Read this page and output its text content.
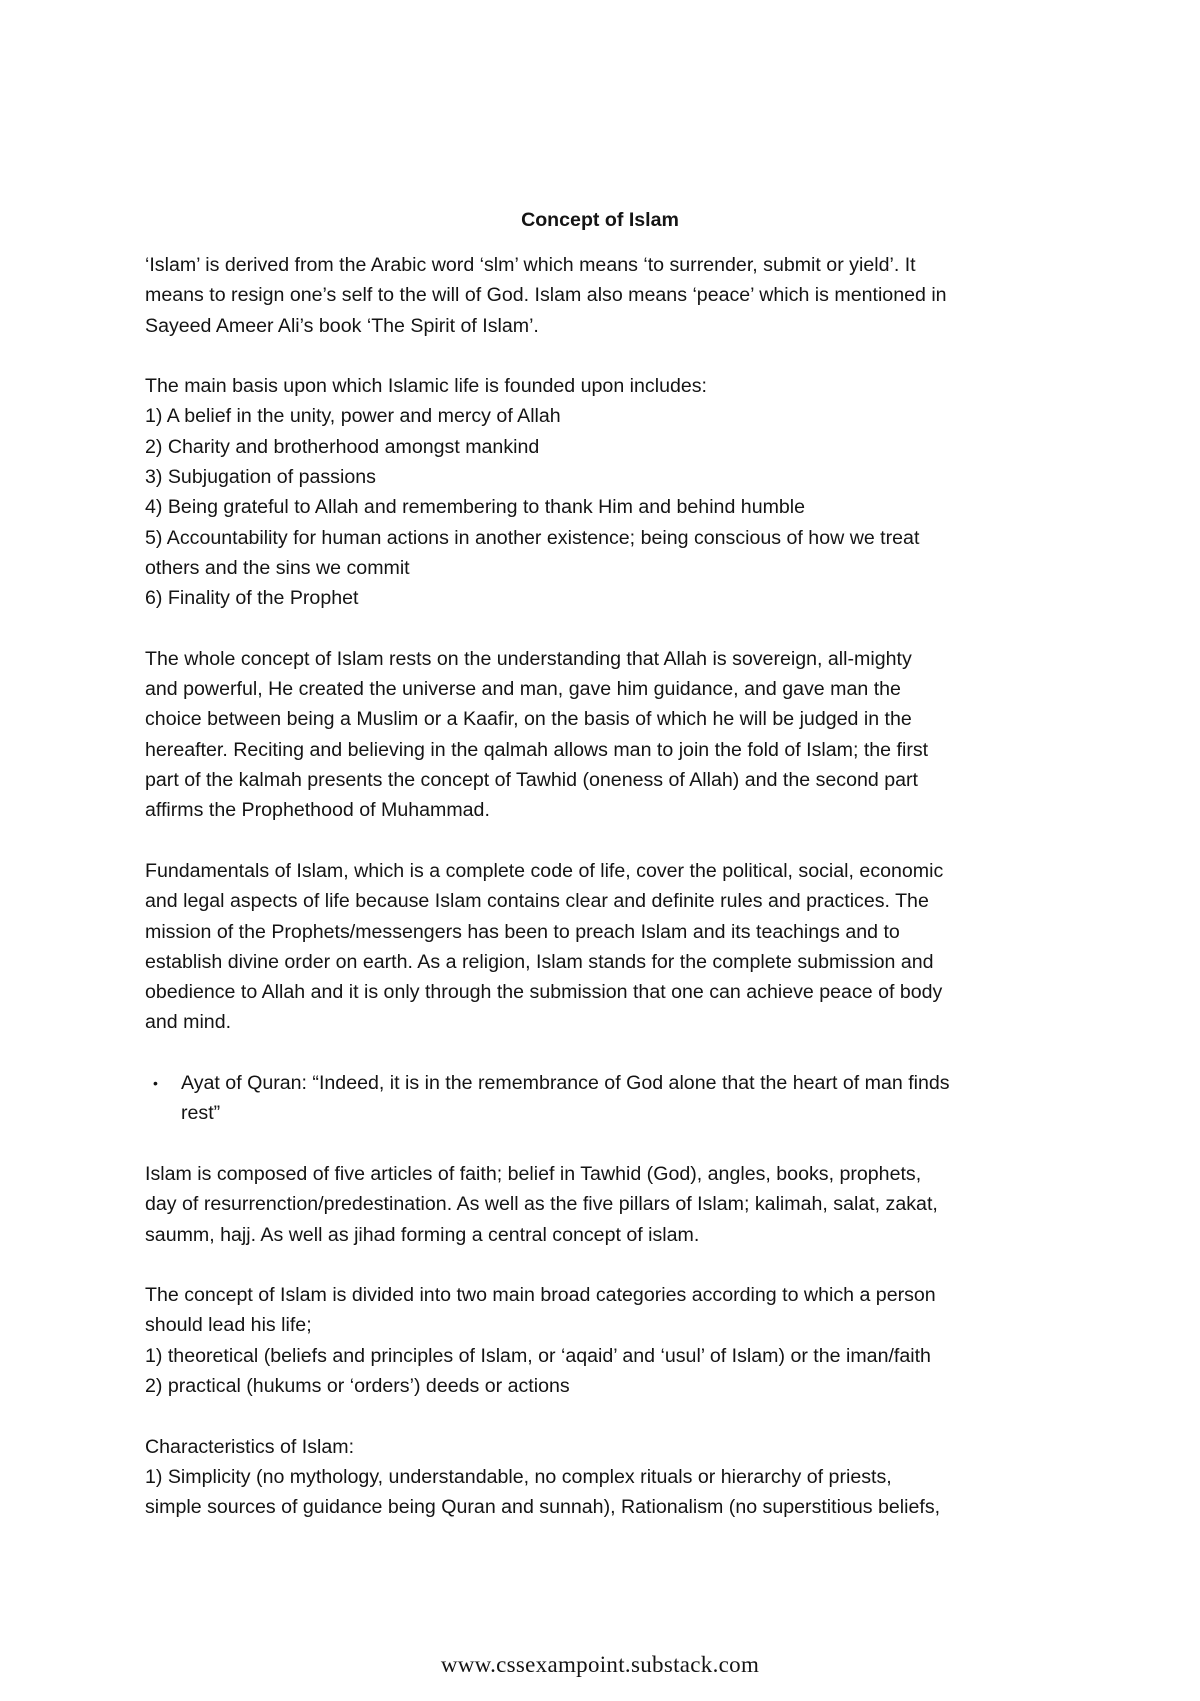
Concept of Islam
‘Islam’ is derived from the Arabic word ‘slm’ which means ‘to surrender, submit or yield’. It
means to resign one’s self to the will of God. Islam also means ‘peace’ which is mentioned in
Sayeed Ameer Ali’s book ‘The Spirit of Islam’.
The main basis upon which Islamic life is founded upon includes:
1) A belief in the unity, power and mercy of Allah
2) Charity and brotherhood amongst mankind
3) Subjugation of passions
4) Being grateful to Allah and remembering to thank Him and behind humble
5) Accountability for human actions in another existence; being conscious of how we treat
others and the sins we commit
6) Finality of the Prophet
The whole concept of Islam rests on the understanding that Allah is sovereign, all-mighty
and powerful, He created the universe and man, gave him guidance, and gave man the
choice between being a Muslim or a Kaafir, on the basis of which he will be judged in the
hereafter. Reciting and believing in the qalmah allows man to join the fold of Islam; the first
part of the kalmah presents the concept of Tawhid (oneness of Allah) and the second part
affirms the Prophethood of Muhammad.
Fundamentals of Islam, which is a complete code of life, cover the political, social, economic
and legal aspects of life because Islam contains clear and definite rules and practices. The
mission of the Prophets/messengers has been to preach Islam and its teachings and to
establish divine order on earth. As a religion, Islam stands for the complete submission and
obedience to Allah and it is only through the submission that one can achieve peace of body
and mind.
• Ayat of Quran: “Indeed, it is in the remembrance of God alone that the heart of man finds
rest”
Islam is composed of five articles of faith; belief in Tawhid (God), angles, books, prophets,
day of resurrenction/predestination. As well as the five pillars of Islam; kalimah, salat, zakat,
saumm, hajj. As well as jihad forming a central concept of islam.
The concept of Islam is divided into two main broad categories according to which a person
should lead his life;
1) theoretical (beliefs and principles of Islam, or ‘aqaid’ and ‘usul’ of Islam) or the iman/faith
2) practical (hukums or ‘orders’) deeds or actions
Characteristics of Islam:
1) Simplicity (no mythology, understandable, no complex rituals or hierarchy of priests,
simple sources of guidance being Quran and sunnah), Rationalism (no superstitious beliefs,
www.cssexampoint.substack.com
